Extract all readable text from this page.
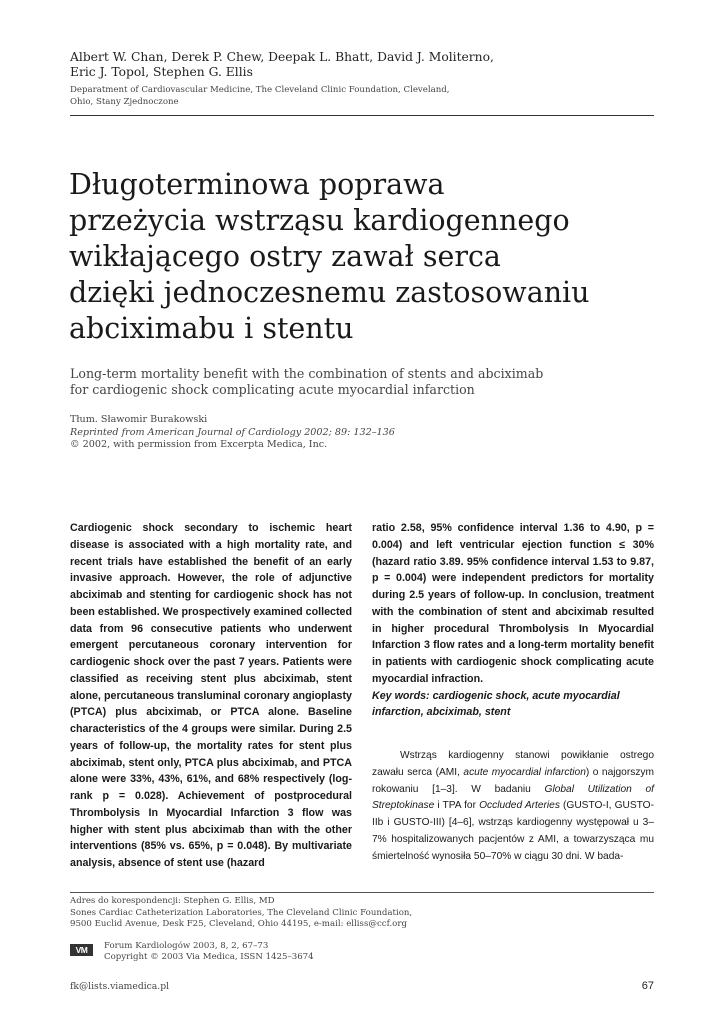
Albert W. Chan, Derek P. Chew, Deepak L. Bhatt, David J. Moliterno,
Eric J. Topol, Stephen G. Ellis
Deparatment of Cardiovascular Medicine, The Cleveland Clinic Foundation, Cleveland,
Ohio, Stany Zjednoczone
Długoterminowa poprawa
przeżycia wstrząsu kardiogennego
wikłającego ostry zawał serca
dzięki jednoczesnemu zastosowaniu
abciximabu i stentu
Long-term mortality benefit with the combination of stents and abciximab
for cardiogenic shock complicating acute myocardial infarction
Tłum. Sławomir Burakowski
Reprinted from American Journal of Cardiology 2002; 89: 132–136
© 2002, with permission from Excerpta Medica, Inc.
Cardiogenic shock secondary to ischemic heart disease is associated with a high mortality rate, and recent trials have established the benefit of an early invasive approach. However, the role of adjunctive abciximab and stenting for cardiogenic shock has not been established. We prospectively examined collected data from 96 consecutive patients who underwent emergent percutaneous coronary intervention for cardiogenic shock over the past 7 years. Patients were classified as receiving stent plus abciximab, stent alone, percutaneous transluminal coronary angioplasty (PTCA) plus abciximab, or PTCA alone. Baseline characteristics of the 4 groups were similar. During 2.5 years of follow-up, the mortality rates for stent plus abciximab, stent only, PTCA plus abciximab, and PTCA alone were 33%, 43%, 61%, and 68% respectively (log-rank p = 0.028). Achievement of postprocedural Thrombolysis In Myocardial Infarction 3 flow was higher with stent plus abciximab than with the other interventions (85% vs. 65%, p = 0.048). By multivariate analysis, absence of stent use (hazard
ratio 2.58, 95% confidence interval 1.36 to 4.90, p = 0.004) and left ventricular ejection function ≤ 30% (hazard ratio 3.89. 95% confidence interval 1.53 to 9.87, p = 0.004) were independent predictors for mortality during 2.5 years of follow-up. In conclusion, treatment with the combination of stent and abciximab resulted in higher procedural Thrombolysis In Myocardial Infarction 3 flow rates and a long-term mortality benefit in patients with cardiogenic shock complicating acute myocardial infraction.
Key words: cardiogenic shock, acute myocardial infarction, abciximab, stent
Wstrząs kardiogenny stanowi powikłanie ostrego zawału serca (AMI, acute myocardial infarction) o najgorszym rokowaniu [1–3]. W badaniu Global Utilization of Streptokinase i TPA for Occluded Arteries (GUSTO-I, GUSTO-IIb i GUSTO-III) [4–6], wstrząs kardiogenny występował u 3–7% hospitalizowanych pacjentów z AMI, a towarzysząca mu śmiertelność wynosiła 50–70% w ciągu 30 dni. W bada-
Adres do korespondencji: Stephen G. Ellis, MD
Sones Cardiac Catheterization Laboratories, The Cleveland Clinic Foundation,
9500 Euclid Avenue, Desk F25, Cleveland, Ohio 44195, e-mail: elliss@ccf.org
VM	Forum Kardiologów 2003, 8, 2, 67–73
Copyright © 2003 Via Medica, ISSN 1425–3674
fk@lists.viamedica.pl	67
